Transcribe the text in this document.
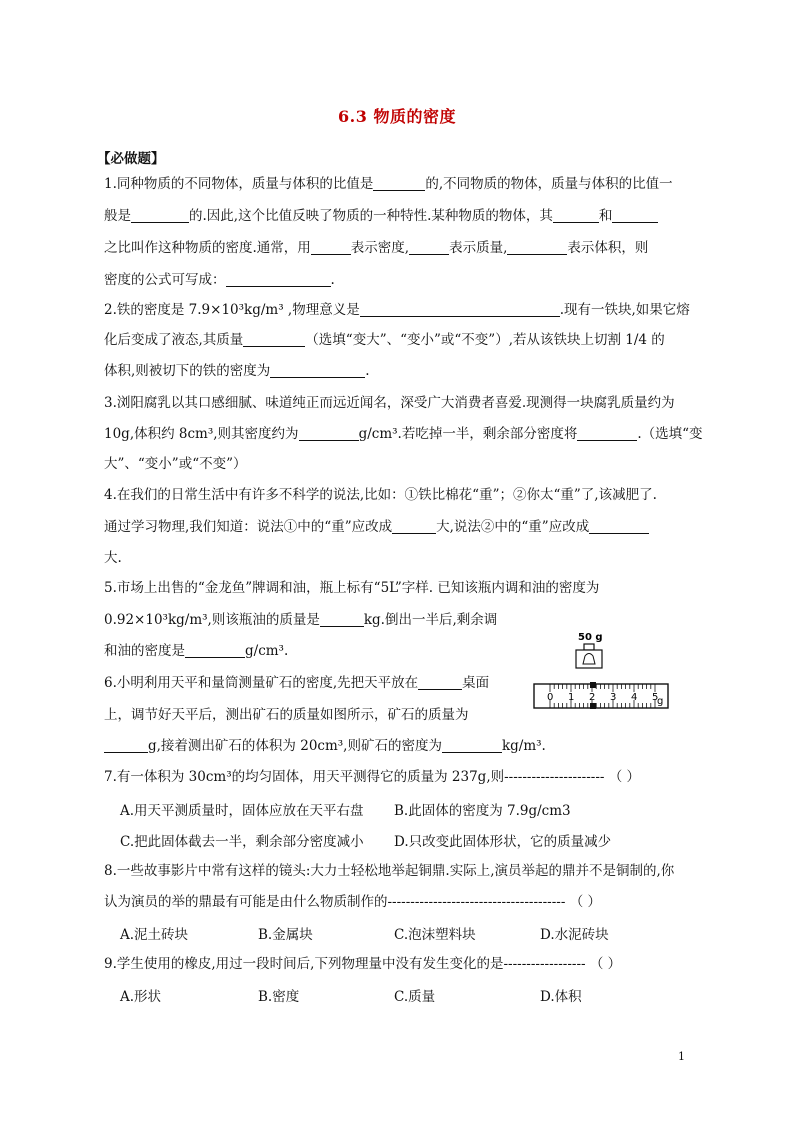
6.3 物质的密度
【必做题】
1.同种物质的不同物体，质量与体积的比值是	的,不同物质的物体，质量与体积的比值一
般是	的.因此,这个比值反映了物质的一种特性.某种物质的物体，其	和
之比叫作这种物质的密度.通常，用	表示密度,	表示质量,	表示体积，则
密度的公式可写成：	.
2.铁的密度是 7.9×10³kg/m³ ,物理意义是	.现有一铁块,如果它熔
化后变成了液态,其质量	（选填“变大”、“变小”或“不变”）,若从该铁块上切割 1/4 的
体积,则被切下的铁的密度为	.
3.浏阳腐乳以其口感细腻、味道纯正而远近闻名，深受广大消费者喜爱.现测得一块腐乳质量约为
10g,体积约 8cm³,则其密度约为	g/cm³.若吃掉一半，剩余部分密度将	.（选填“变
大”、“变小”或“不变”）
4.在我们的日常生活中有许多不科学的说法,比如：①铁比棉花“重”；②你太“重”了,该减肥了.
通过学习物理,我们知道：说法①中的“重”应改成	大,说法②中的“重”应改成
大.
5.市场上出售的“金龙鱼”牌调和油，瓶上标有“5L”字样. 已知该瓶内调和油的密度为
0.92×10³kg/m³,则该瓶油的质量是	kg.倒出一半后,剩余调
和油的密度是	g/cm³.
50 g
0 1 2 3 4 5
g
6.小明利用天平和量筒测量矿石的密度,先把天平放在	桌面
上，调节好天平后，测出矿石的质量如图所示，矿石的质量为
g,接着测出矿石的体积为 20cm³,则矿石的密度为	kg/m³.
7.有一体积为 30cm³的均匀固体，用天平测得它的质量为 237g,则---------------------- （ ）
A.用天平测质量时，固体应放在天平右盘 B.此固体的密度为 7.9g/cm3
C.把此固体截去一半，剩余部分密度减小 D.只改变此固体形状，它的质量减少
8.一些故事影片中常有这样的镜头:大力士轻松地举起铜鼎.实际上,演员举起的鼎并不是铜制的,你
认为演员的举的鼎最有可能是由什么物质制作的--------------------------------------- （ ）
A.泥土砖块	B.金属块	C.泡沫塑料块	D.水泥砖块
9.学生使用的橡皮,用过一段时间后,下列物理量中没有发生变化的是------------------ （ ）
A.形状	B.密度	C.质量	D.体积
1
